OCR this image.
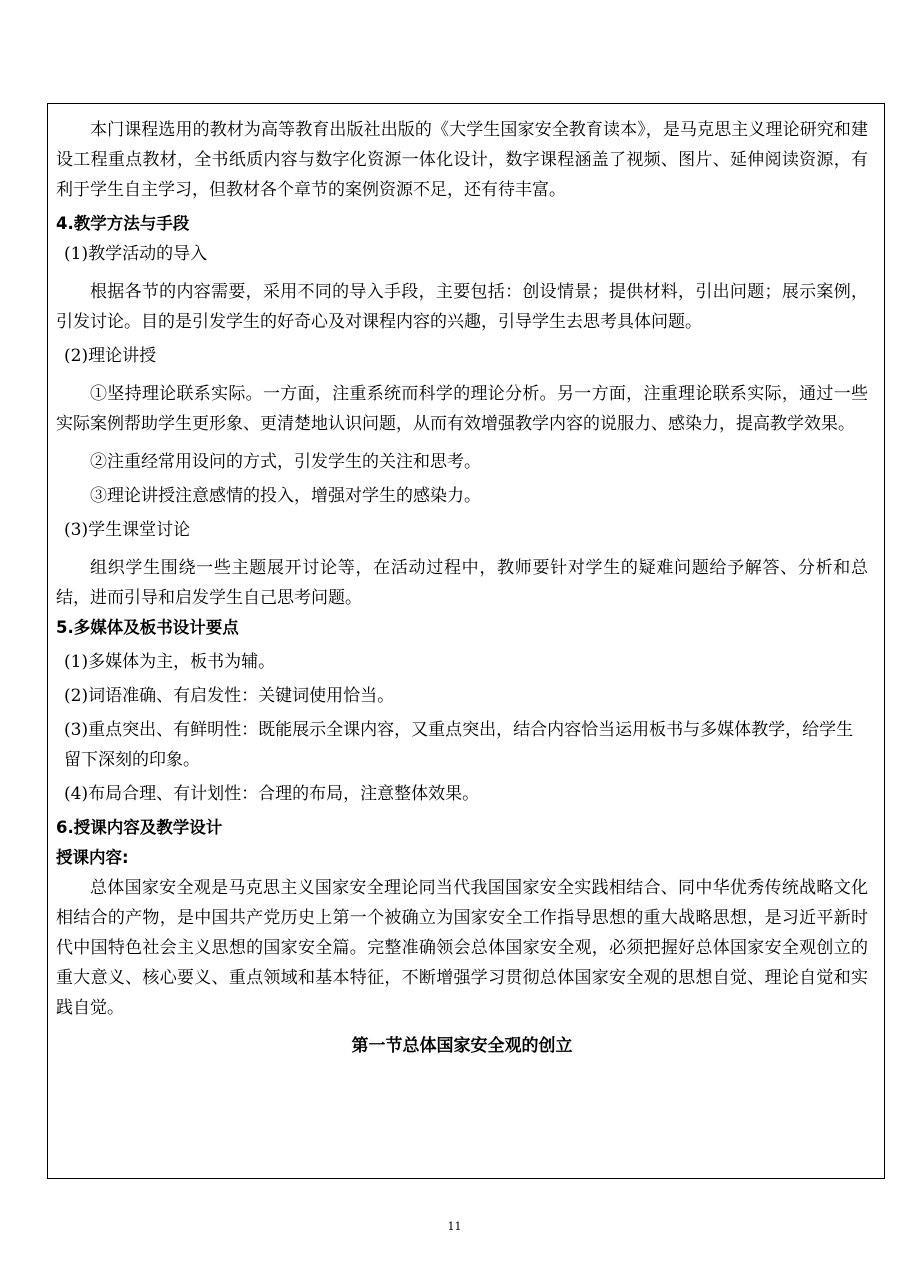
本门课程选用的教材为高等教育出版社出版的《大学生国家安全教育读本》，是马克思主义理论研究和建设工程重点教材，全书纸质内容与数字化资源一体化设计，数字课程涵盖了视频、图片、延伸阅读资源，有利于学生自主学习，但教材各个章节的案例资源不足，还有待丰富。

4.教学方法与手段

(1)教学活动的导入

根据各节的内容需要，采用不同的导入手段，主要包括：创设情景；提供材料，引出问题；展示案例，引发讨论。目的是引发学生的好奇心及对课程内容的兴趣，引导学生去思考具体问题。

(2)理论讲授

①坚持理论联系实际。一方面，注重系统而科学的理论分析。另一方面，注重理论联系实际，通过一些实际案例帮助学生更形象、更清楚地认识问题，从而有效增强教学内容的说服力、感染力，提高教学效果。

②注重经常用设问的方式，引发学生的关注和思考。

③理论讲授注意感情的投入，增强对学生的感染力。

(3)学生课堂讨论

组织学生围绕一些主题展开讨论等，在活动过程中，教师要针对学生的疑难问题给予解答、分析和总结，进而引导和启发学生自己思考问题。

5.多媒体及板书设计要点

(1)多媒体为主，板书为辅。

(2)词语准确、有启发性：关键词使用恰当。

(3)重点突出、有鲜明性：既能展示全课内容，又重点突出，结合内容恰当运用板书与多媒体教学，给学生留下深刻的印象。

(4)布局合理、有计划性：合理的布局，注意整体效果。

6.授课内容及教学设计

授课内容:

总体国家安全观是马克思主义国家安全理论同当代我国国家安全实践相结合、同中华优秀传统战略文化相结合的产物，是中国共产党历史上第一个被确立为国家安全工作指导思想的重大战略思想，是习近平新时代中国特色社会主义思想的国家安全篇。完整准确领会总体国家安全观，必须把握好总体国家安全观创立的重大意义、核心要义、重点领域和基本特征，不断增强学习贯彻总体国家安全观的思想自觉、理论自觉和实践自觉。

第一节总体国家安全观的创立

11
